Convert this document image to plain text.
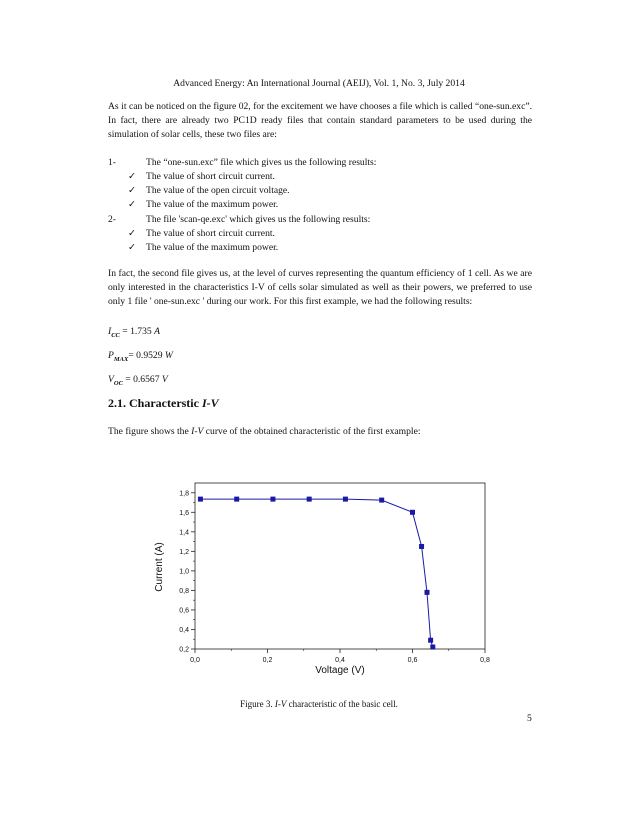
Advanced Energy: An International Journal (AEIJ), Vol. 1, No. 3, July 2014
As it can be noticed on the figure 02, for the excitement we have chooses a file which is called “one-sun.exc”. In fact, there are already two PC1D ready files that contain standard parameters to be used during the simulation of solar cells, these two files are:
1-	The “one-sun.exc” file which gives us the following results:
✓ The value of short circuit current.
✓ The value of the open circuit voltage.
✓ The value of the maximum power.
2-	The file 'scan-qe.exc' which gives us the following results:
✓ The value of short circuit current.
✓ The value of the maximum power.
In fact, the second file gives us, at the level of curves representing the quantum efficiency of 1 cell. As we are only interested in the characteristics I-V of cells solar simulated as well as their powers, we preferred to use only 1 file ' one-sun.exc ' during our work. For this first example, we had the following results:
$I_{CC} = 1.735$ A
$P_{MAX}= 0.9529$ W
$V_{OC} = 0.6567$ V
2.1. Characterstic I-V
The figure shows the I-V curve of the obtained characteristic of the first example:
0,0	0,2	0,4	0,6	0,8
0,2
0,4
0,6
0,8
1,0
1,2
1,4
1,6
1,8
Voltage (V)
Current (A)
Figure 3. I-V characteristic of the basic cell.
5
